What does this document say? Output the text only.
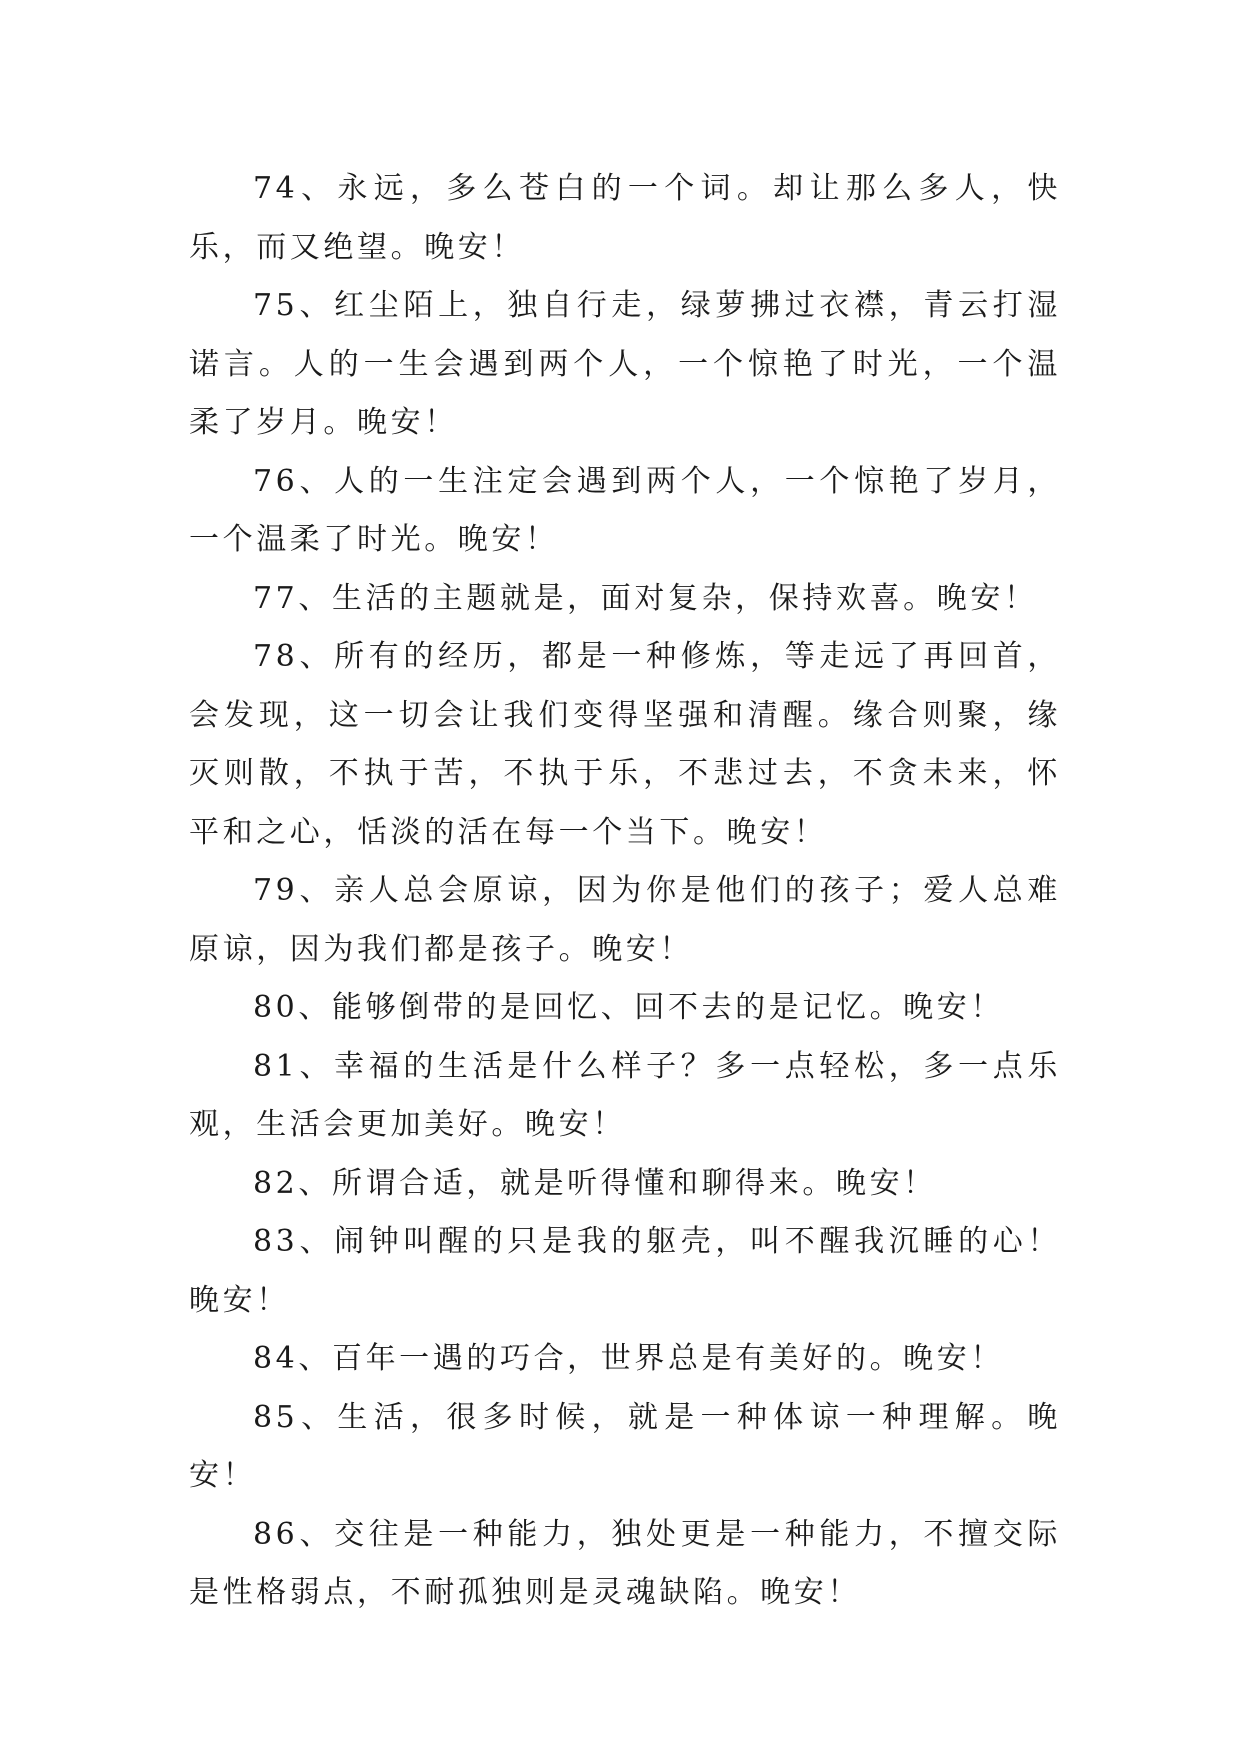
74、永远，多么苍白的一个词。却让那么多人，快乐，而又绝望。晚安！

75、红尘陌上，独自行走，绿萝拂过衣襟，青云打湿诺言。人的一生会遇到两个人，一个惊艳了时光，一个温柔了岁月。晚安！

76、人的一生注定会遇到两个人，一个惊艳了岁月，一个温柔了时光。晚安！

77、生活的主题就是，面对复杂，保持欢喜。晚安！

78、所有的经历，都是一种修炼，等走远了再回首，会发现，这一切会让我们变得坚强和清醒。缘合则聚，缘灭则散，不执于苦，不执于乐，不悲过去，不贪未来，怀平和之心，恬淡的活在每一个当下。晚安！

79、亲人总会原谅，因为你是他们的孩子；爱人总难原谅，因为我们都是孩子。晚安！

80、能够倒带的是回忆、回不去的是记忆。晚安！

81、幸福的生活是什么样子？多一点轻松，多一点乐观，生活会更加美好。晚安！

82、所谓合适，就是听得懂和聊得来。晚安！

83、闹钟叫醒的只是我的躯壳，叫不醒我沉睡的心！晚安！

84、百年一遇的巧合，世界总是有美好的。晚安！

85、生活，很多时候，就是一种体谅一种理解。晚安！

86、交往是一种能力，独处更是一种能力，不擅交际是性格弱点，不耐孤独则是灵魂缺陷。晚安！
